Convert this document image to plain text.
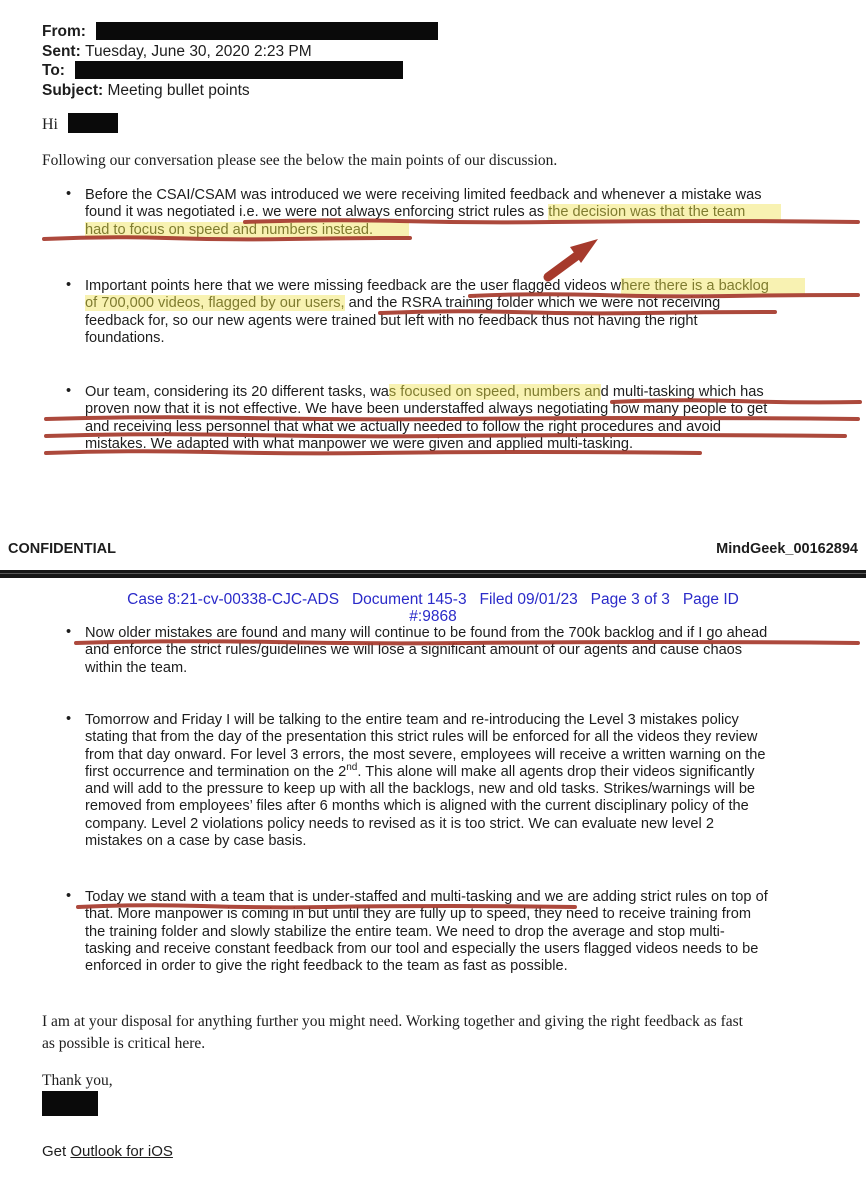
From:
Sent: Tuesday, June 30, 2020 2:23 PM
To:
Subject: Meeting bullet points
Hi
Following our conversation please see the below the main points of our discussion.
• Before the CSAI/CSAM was introduced we were receiving limited feedback and whenever a mistake was
found it was negotiated i.e. we were not always enforcing strict rules as the decision was that the team
had to focus on speed and numbers instead.
• Important points here that we were missing feedback are the user flagged videos where there is a backlog
of 700,000 videos, flagged by our users, and the RSRA training folder which we were not receiving
feedback for, so our new agents were trained but left with no feedback thus not having the right
foundations.
• Our team, considering its 20 different tasks, was focused on speed, numbers and multi-tasking which has
proven now that it is not effective. We have been understaffed always negotiating how many people to get
and receiving less personnel that what we actually needed to follow the right procedures and avoid
mistakes. We adapted with what manpower we were given and applied multi-tasking.
• Now older mistakes are found and many will continue to be found from the 700k backlog and if I go ahead
and enforce the strict rules/guidelines we will lose a significant amount of our agents and cause chaos
within the team.
• Tomorrow and Friday I will be talking to the entire team and re-introducing the Level 3 mistakes policy
stating that from the day of the presentation this strict rules will be enforced for all the videos they review
from that day onward. For level 3 errors, the most severe, employees will receive a written warning on the
first occurrence and termination on the 2nd. This alone will make all agents drop their videos significantly
and will add to the pressure to keep up with all the backlogs, new and old tasks. Strikes/warnings will be
removed from employees’ files after 6 months which is aligned with the current disciplinary policy of the
company. Level 2 violations policy needs to revised as it is too strict. We can evaluate new level 2
mistakes on a case by case basis.
• Today we stand with a team that is under-staffed and multi-tasking and we are adding strict rules on top of
that. More manpower is coming in but until they are fully up to speed, they need to receive training from
the training folder and slowly stabilize the entire team. We need to drop the average and stop multi-
tasking and receive constant feedback from our tool and especially the users flagged videos needs to be
enforced in order to give the right feedback to the team as fast as possible.
CONFIDENTIAL	MindGeek_00162894
Case 8:21-cv-00338-CJC-ADS   Document 145-3   Filed 09/01/23   Page 3 of 3   Page ID
#:9868
I am at your disposal for anything further you might need. Working together and giving the right feedback as fast
as possible is critical here.
Thank you,
Get Outlook for iOS
